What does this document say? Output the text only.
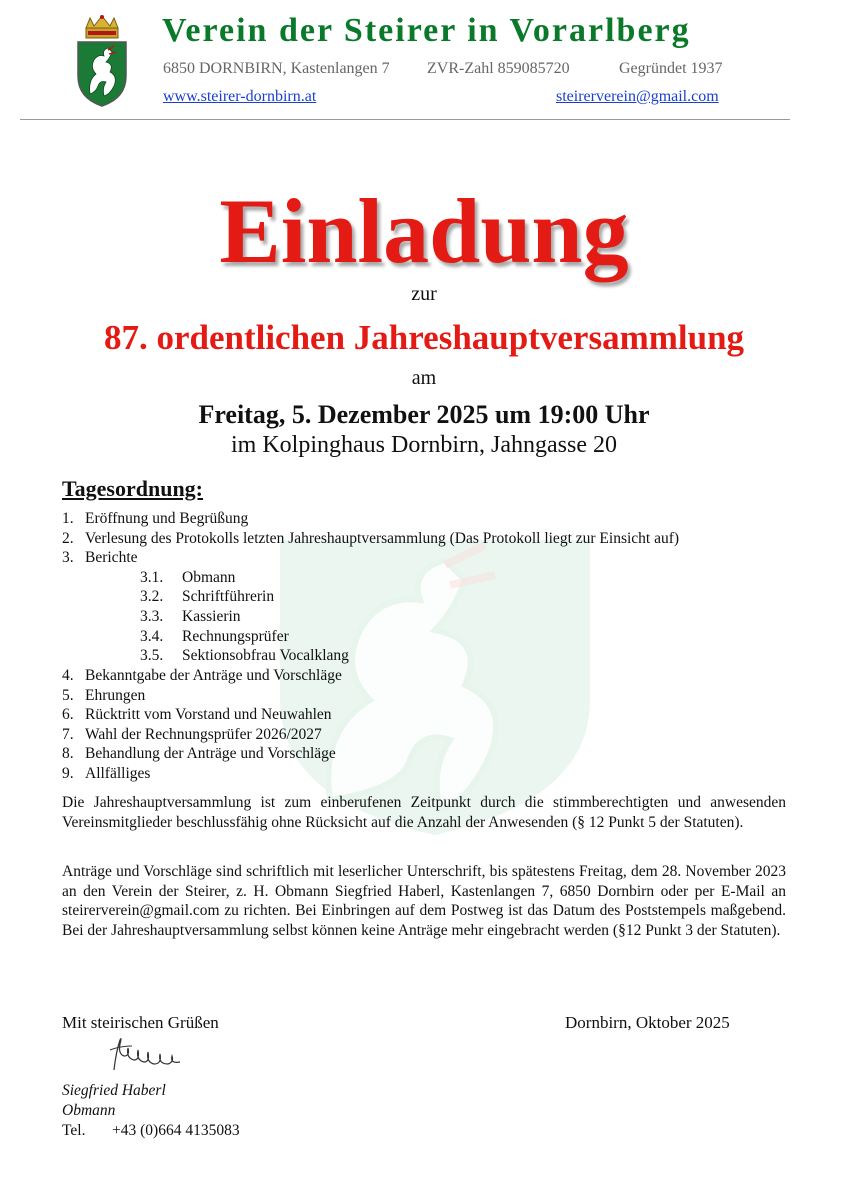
Verein der Steirer in Vorarlberg
6850 DORNBIRN, Kastenlangen 7 ZVR-Zahl 859085720	Gegründet 1937
www.steirer-dornbirn.at	steirerverein@gmail.com
Einladung
zur
87. ordentlichen Jahreshauptversammlung
am
Freitag, 5. Dezember 2025 um 19:00 Uhr
im Kolpinghaus Dornbirn, Jahngasse 20
Tagesordnung:
1. Eröffnung und Begrüßung
2. Verlesung des Protokolls letzten Jahreshauptversammlung (Das Protokoll liegt zur Einsicht auf)
3. Berichte
3.1. Obmann
3.2. Schriftführerin
3.3. Kassierin
3.4. Rechnungsprüfer
3.5. Sektionsobfrau Vocalklang
4. Bekanntgabe der Anträge und Vorschläge
5. Ehrungen
6. Rücktritt vom Vorstand und Neuwahlen
7. Wahl der Rechnungsprüfer 2026/2027
8. Behandlung der Anträge und Vorschläge
9. Allfälliges
Die Jahreshauptversammlung ist zum einberufenen Zeitpunkt durch die stimmberechtigten und anwesenden Vereinsmitglieder beschlussfähig ohne Rücksicht auf die Anzahl der Anwesenden (§ 12 Punkt 5 der Statuten).
Anträge und Vorschläge sind schriftlich mit leserlicher Unterschrift, bis spätestens Freitag, dem 28. November 2023 an den Verein der Steirer, z. H. Obmann Siegfried Haberl, Kastenlangen 7, 6850 Dornbirn oder per E-Mail an steirerverein@gmail.com zu richten. Bei Einbringen auf dem Postweg ist das Datum des Poststempels maßgebend. Bei der Jahreshauptversammlung selbst können keine Anträge mehr eingebracht werden (§12 Punkt 3 der Statuten).
Mit steirischen Grüßen	Dornbirn, Oktober 2025
Siegfried Haberl
Obmann
Tel. +43 (0)664 4135083
